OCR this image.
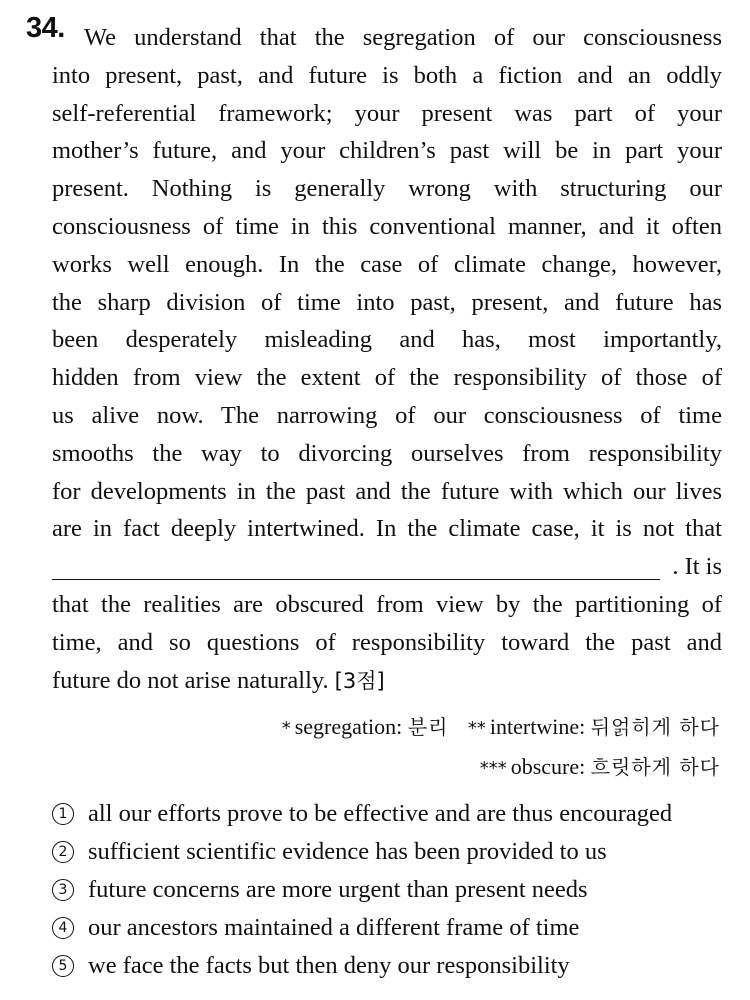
34. We understand that the segregation of our consciousness
into present, past, and future is both a fiction and an oddly
self-referential framework; your present was part of your
mother’s future, and your children’s past will be in part your
present. Nothing is generally wrong with structuring our
consciousness of time in this conventional manner, and it often
works well enough. In the case of climate change, however,
the sharp division of time into past, present, and future has
been desperately misleading and has, most importantly,
hidden from view the extent of the responsibility of those of
us alive now. The narrowing of our consciousness of time
smooths the way to divorcing ourselves from responsibility
for developments in the past and the future with which our lives
are in fact deeply intertwined. In the climate case, it is not that
. It is
that the realities are obscured from view by the partitioning of
time, and so questions of responsibility toward the past and
future do not arise naturally. [3점]
* segregation: 분리 ** intertwine: 뒤얽히게 하다
*** obscure: 흐릿하게 하다
1 all our efforts prove to be effective and are thus encouraged
2 sufficient scientific evidence has been provided to us
3 future concerns are more urgent than present needs
4 our ancestors maintained a different frame of time
5 we face the facts but then deny our responsibility
